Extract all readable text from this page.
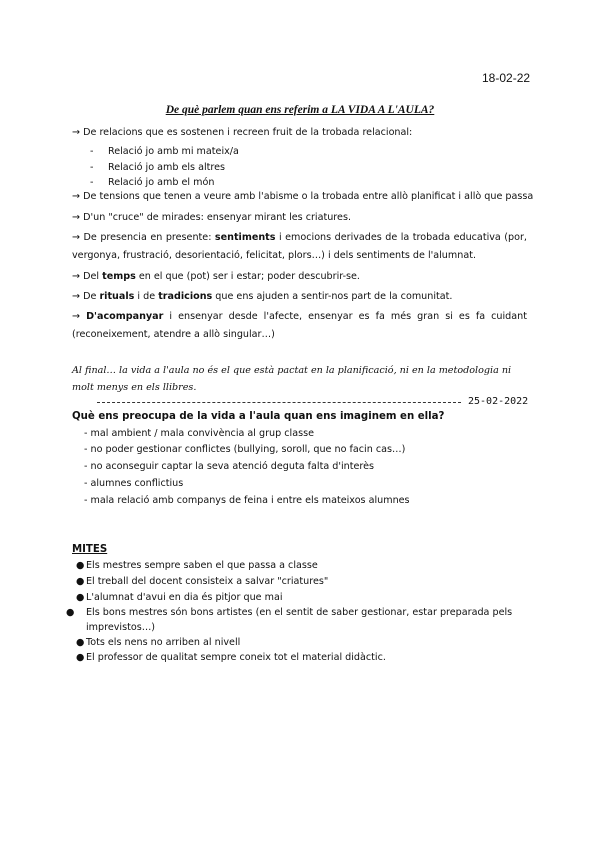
18-02-22
De què parlem quan ens referim a LA VIDA A L'AULA?
→ De relacions que es sostenen i recreen fruit de la trobada relacional:
- Relació jo amb mi mateix/a
- Relació jo amb els altres
- Relació jo amb el món
→ De tensions que tenen a veure amb l'abisme o la trobada entre allò planificat i allò que passa
→ D'un "cruce" de mirades: ensenyar mirant les criatures.
→ De presencia en presente: sentiments i emocions derivades de la trobada educativa (por,
vergonya, frustració, desorientació, felicitat, plors…) i dels sentiments de l'alumnat.
→ Del temps en el que (pot) ser i estar; poder descubrir-se.
→ De rituals i de tradicions que ens ajuden a sentir-nos part de la comunitat.
→ D'acompanyar i ensenyar desde l'afecte, ensenyar es fa més gran si es fa cuidant
(reconeixement, atendre a allò singular…)
Al final… la vida a l'aula no és el que està pactat en la planificació, ni en la metodologia ni molt menys en els llibres.
25-02-2022
Què ens preocupa de la vida a l'aula quan ens imaginem en ella?
- mal ambient / mala convivència al grup classe
- no poder gestionar conflictes (bullying, soroll, que no facin cas…)
- no aconseguir captar la seva atenció deguta falta d'interès
- alumnes conflictius
- mala relació amb companys de feina i entre els mateixos alumnes
MITES
● Els mestres sempre saben el que passa a classe
● El treball del docent consisteix a salvar "criatures"
● L'alumnat d'avui en dia és pitjor que mai
● Els bons mestres són bons artistes (en el sentit de saber gestionar, estar preparada pels imprevistos…)
● Tots els nens no arriben al nivell
● El professor de qualitat sempre coneix tot el material didàctic.
